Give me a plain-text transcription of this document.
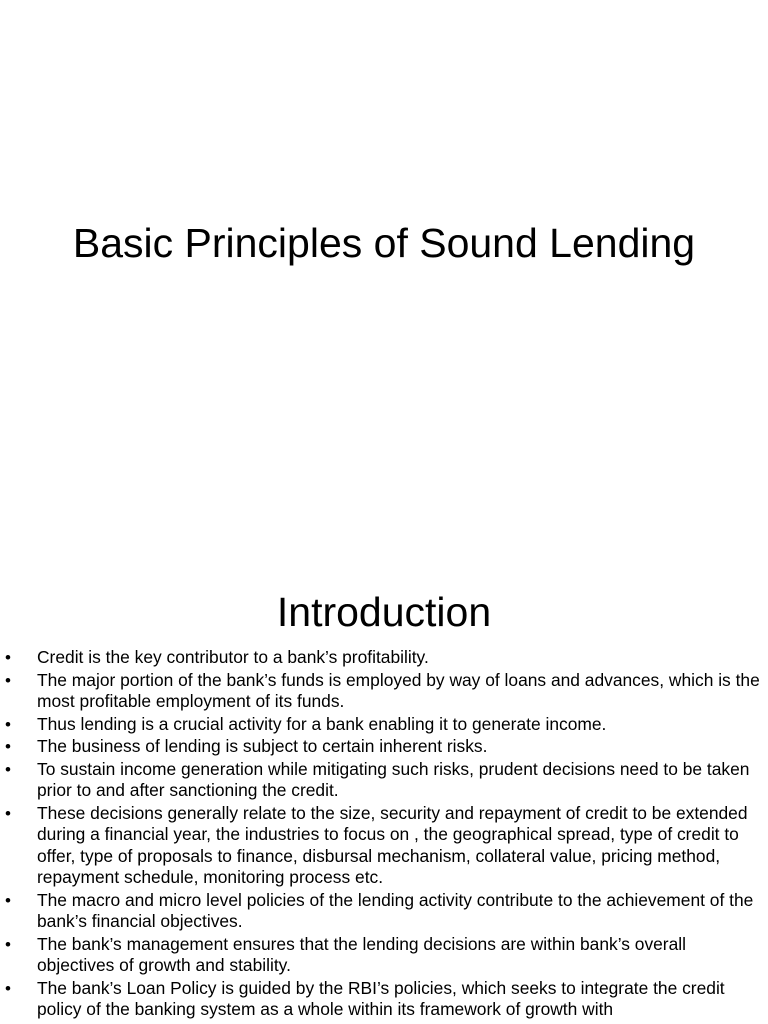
Basic Principles of Sound Lending
Introduction
• Credit is the key contributor to a bank’s profitability.
• The major portion of the bank’s funds is employed by way of loans and advances, which is the most profitable employment of its funds.
• Thus lending is a crucial activity for a bank enabling it to generate income.
• The business of lending is subject to certain inherent risks.
• To sustain income generation while mitigating such risks, prudent decisions need to be taken prior to and after sanctioning the credit.
• These decisions generally relate to the size, security and repayment of credit to be extended during a financial year, the industries to focus on , the geographical spread, type of credit to offer, type of proposals to finance, disbursal mechanism, collateral value, pricing method, repayment schedule, monitoring process etc.
• The macro and micro level policies of the lending activity contribute to the achievement of the bank’s financial objectives.
• The bank’s management ensures that the lending decisions are within bank’s overall objectives of growth and stability.
• The bank’s Loan Policy is guided by the RBI’s policies, which seeks to integrate the credit policy of the banking system as a whole within its framework of growth with
